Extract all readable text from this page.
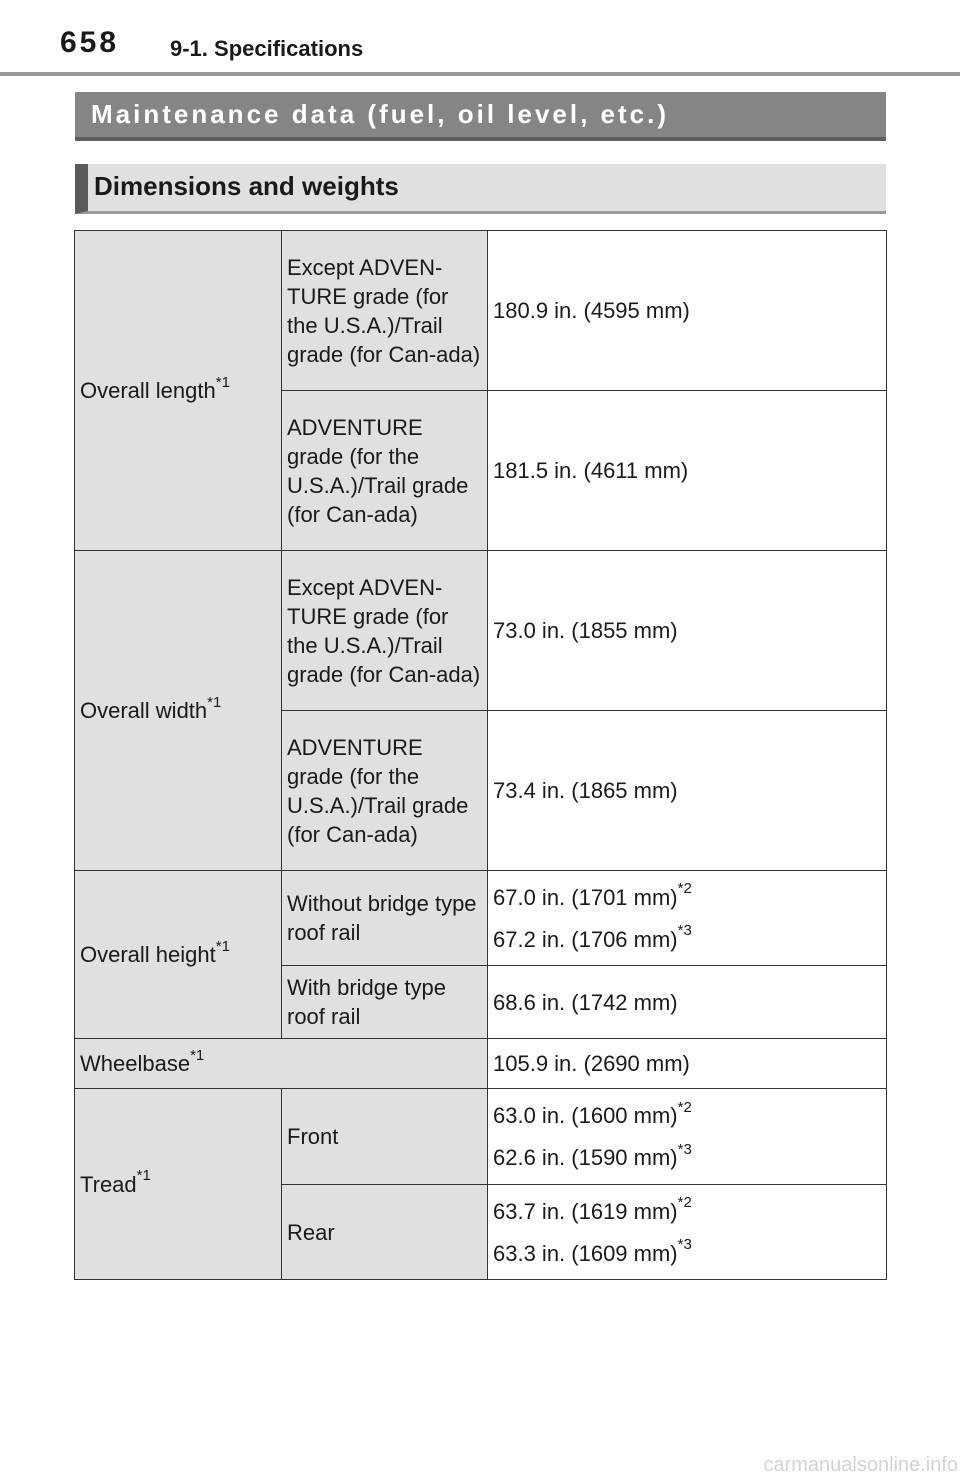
658 9-1. Specifications
Maintenance data (fuel, oil level, etc.)
Dimensions and weights
Overall length$^{*1}$	Except ADVEN-TURE grade (for the U.S.A.)/Trail grade (for Can-ada)	180.9 in. (4595 mm)
	ADVENTURE grade (for the U.S.A.)/Trail grade (for Can-ada)	181.5 in. (4611 mm)
Overall width$^{*1}$	Except ADVEN-TURE grade (for the U.S.A.)/Trail grade (for Can-ada)	73.0 in. (1855 mm)
	ADVENTURE grade (for the U.S.A.)/Trail grade (for Can-ada)	73.4 in. (1865 mm)
Overall height$^{*1}$	Without bridge type roof rail	67.0 in. (1701 mm)$^{*2}$
67.2 in. (1706 mm)$^{*3}$

	With bridge type roof rail	68.6 in. (1742 mm)
Wheelbase$^{*1}$		105.9 in. (2690 mm)
Tread$^{*1}$	Front	63.0 in. (1600 mm)$^{*2}$
62.6 in. (1590 mm)$^{*3}$

	Rear	63.7 in. (1619 mm)$^{*2}$
63.3 in. (1609 mm)$^{*3}$
carmanualsonline.info
